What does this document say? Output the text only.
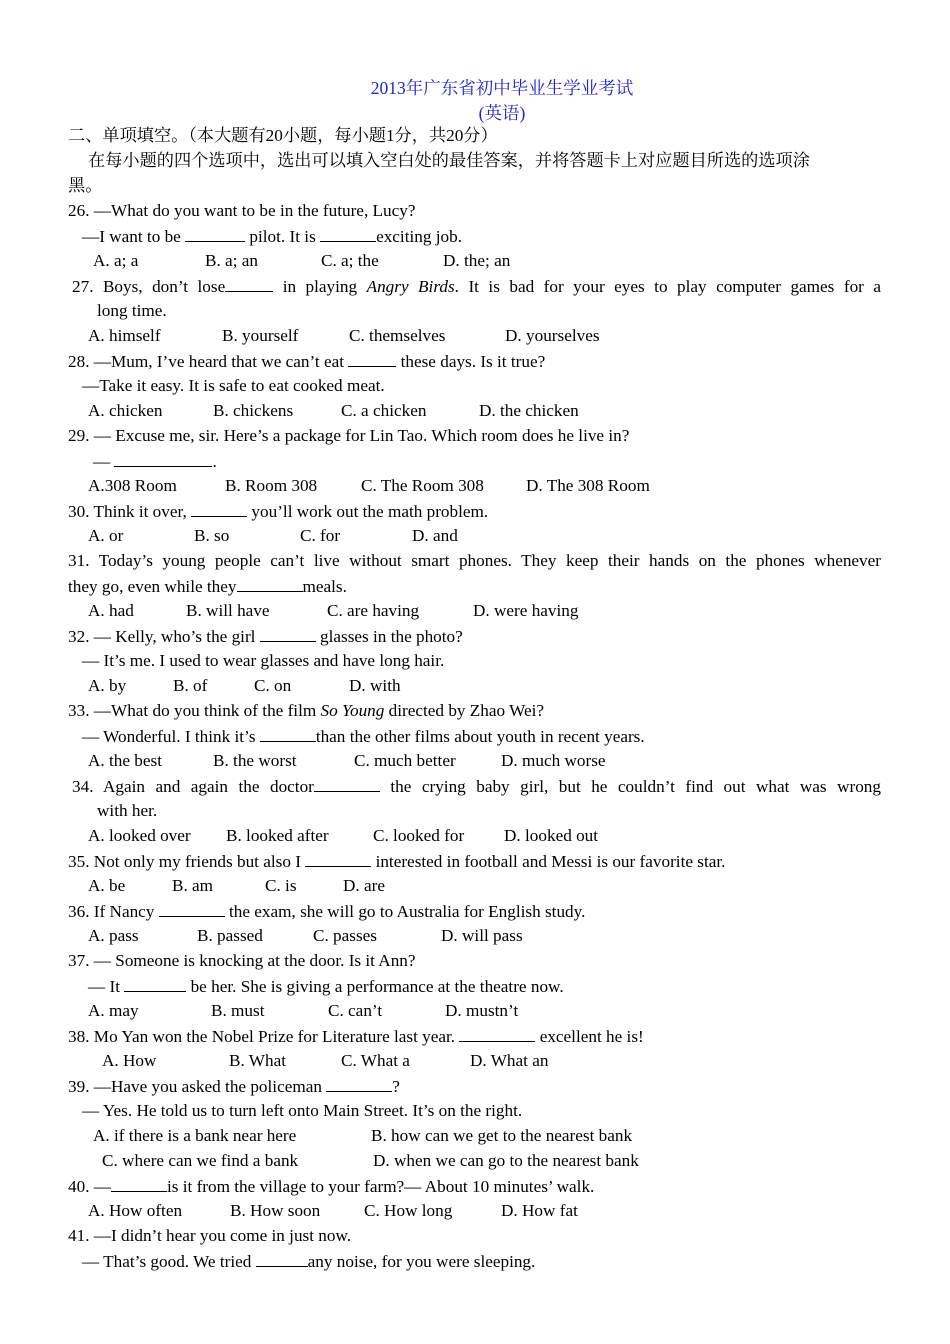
2013年广东省初中毕业生学业考试
(英语)
二、单项填空。（本大题有20小题，每小题1分，共20分）
在每小题的四个选项中，选出可以填入空白处的最佳答案，并将答题卡上对应题目所选的选项涂
黑。
26. —What do you want to be in the future, Lucy?
—I want to be	pilot. It is	exciting job.
A. a; a	B. a; an	C. a; the	D. the; an
27. Boys, don’t lose	in playing Angry Birds. It is bad for your eyes to play computer games for a
long time.
A. himself	B. yourself	C. themselves	D. yourselves
28. —Mum, I’ve heard that we can’t eat	these days. Is it true?
—Take it easy. It is safe to eat cooked meat.
A. chicken	B. chickens	C. a chicken	D. the chicken
29. — Excuse me, sir. Here’s a package for Lin Tao. Which room does he live in?
—	.
A.308 Room	B. Room 308	C. The Room 308 D. The 308 Room
30. Think it over,	you’ll work out the math problem.
A. or	B. so	C. for	D. and
31. Today’s young people can’t live without smart phones. They keep their hands on the phones whenever
they go, even while they	meals.
A. had	B. will have	C. are having	D. were having
32. — Kelly, who’s the girl	glasses in the photo?
— It’s me. I used to wear glasses and have long hair.
A. by	B. of	C. on	D. with
33. —What do you think of the film So Young directed by Zhao Wei?
— Wonderful. I think it’s	than the other films about youth in recent years.
A. the best	B. the worst	C. much better	D. much worse
34. Again and again the doctor	the crying baby girl, but he couldn’t find out what was wrong
with her.
A. looked over B. looked after	C. looked for D. looked out
35. Not only my friends but also I	interested in football and Messi is our favorite star.
A. be	B. am	C. is	D. are
36. If Nancy	the exam, she will go to Australia for English study.
A. pass	B. passed	C. passes	D. will pass
37. — Someone is knocking at the door. Is it Ann?
— It	be her. She is giving a performance at the theatre now.
A. may	B. must	C. can’t	D. mustn’t
38. Mo Yan won the Nobel Prize for Literature last year.	excellent he is!
A. How	B. What	C. What a	D. What an
39. —Have you asked the policeman	?
— Yes. He told us to turn left onto Main Street. It’s on the right.
A. if there is a bank near here	B. how can we get to the nearest bank
C. where can we find a bank	D. when we can go to the nearest bank
40. —	is it from the village to your farm?— About 10 minutes’ walk.
A. How often	B. How soon	C. How long	D. How fat
41. —I didn’t hear you come in just now.
— That’s good. We tried	any noise, for you were sleeping.
